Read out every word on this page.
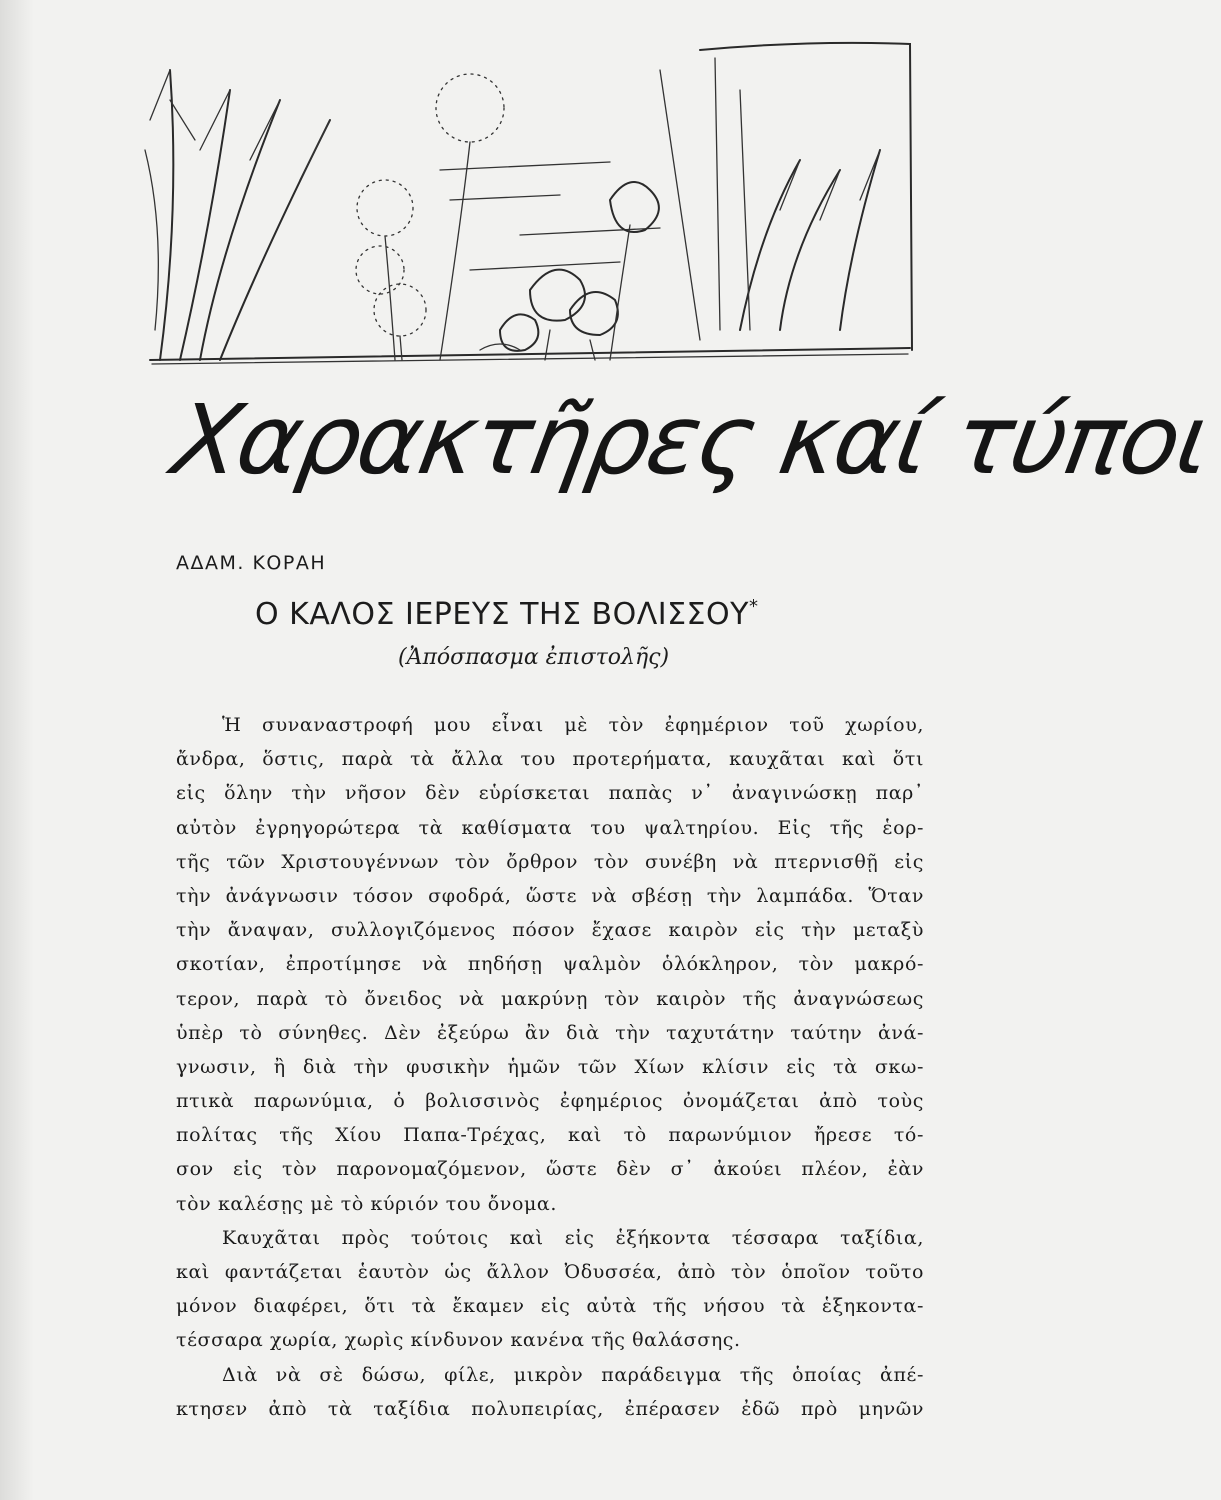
Χαρακτῆρες καί τύποι
ΑΔΑΜ. ΚΟΡΑΗ
Ο ΚΑΛΟΣ ΙΕΡΕΥΣ ΤΗΣ ΒΟΛΙΣΣΟΥ*
(Ἀπόσπασμα ἐπιστολῆς)
Ἡ συναναστροφή μου εἶναι μὲ τὸν ἐφημέριον τοῦ χωρίου,
ἄνδρα, ὅστις, παρὰ τὰ ἄλλα του προτερήματα, καυχᾶται καὶ ὅτι
εἰς ὅλην τὴν νῆσον δὲν εὑρίσκεται παπὰς ν᾿ ἀναγινώσκῃ παρ᾿
αὐτὸν ἐγρηγορώτερα τὰ καθίσματα του ψαλτηρίου. Εἰς τῆς ἑορ-
τῆς τῶν Χριστουγέννων τὸν ὄρθρον τὸν συνέβη νὰ πτερνισθῇ εἰς
τὴν ἀνάγνωσιν τόσον σφοδρά, ὥστε νὰ σβέσῃ τὴν λαμπάδα. Ὅταν
τὴν ἄναψαν, συλλογιζόμενος πόσον ἔχασε καιρὸν εἰς τὴν μεταξὺ
σκοτίαν, ἐπροτίμησε νὰ πηδήσῃ ψαλμὸν ὁλόκληρον, τὸν μακρό-
τερον, παρὰ τὸ ὄνειδος νὰ μακρύνῃ τὸν καιρὸν τῆς ἀναγνώσεως
ὑπὲρ τὸ σύνηθες. Δὲν ἐξεύρω ἂν διὰ τὴν ταχυτάτην ταύτην ἀνά-
γνωσιν, ἢ διὰ τὴν φυσικὴν ἡμῶν τῶν Χίων κλίσιν εἰς τὰ σκω-
πτικὰ παρωνύμια, ὁ βολισσινὸς ἐφημέριος ὀνομάζεται ἀπὸ τοὺς
πολίτας τῆς Χίου Παπα-Τρέχας, καὶ τὸ παρωνύμιον ἤρεσε τό-
σον εἰς τὸν παρονομαζόμενον, ὥστε δὲν σ᾿ ἀκούει πλέον, ἐὰν
τὸν καλέσῃς μὲ τὸ κύριόν του ὄνομα.
Καυχᾶται πρὸς τούτοις καὶ εἰς ἑξήκοντα τέσσαρα ταξίδια,
καὶ φαντάζεται ἑαυτὸν ὡς ἄλλον Ὀδυσσέα, ἀπὸ τὸν ὁποῖον τοῦτο
μόνον διαφέρει, ὅτι τὰ ἔκαμεν εἰς αὐτὰ τῆς νήσου τὰ ἑξηκοντα-
τέσσαρα χωρία, χωρὶς κίνδυνον κανένα τῆς θαλάσσης.
Διὰ νὰ σὲ δώσω, φίλε, μικρὸν παράδειγμα τῆς ὁποίας ἀπέ-
κτησεν ἀπὸ τὰ ταξίδια πολυπειρίας, ἐπέρασεν ἐδῶ πρὸ μηνῶν
